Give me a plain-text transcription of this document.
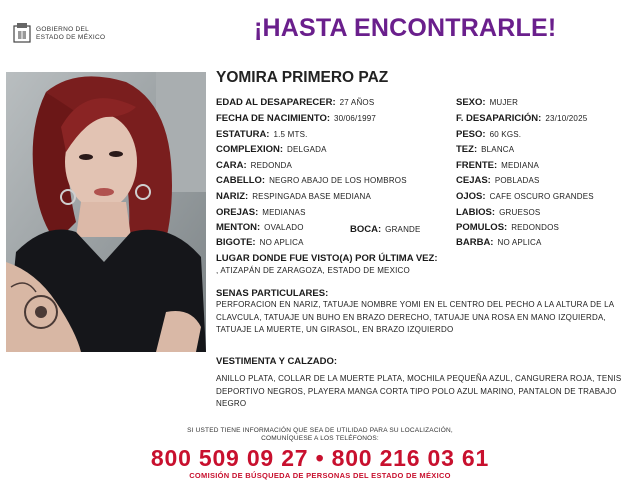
GOBIERNO DEL
ESTADO DE MÉXICO	¡HASTA ENCONTRARLE!
YOMIRA PRIMERO PAZ
EDAD AL DESAPARECER: 27 AÑOS
FECHA DE NACIMIENTO: 30/06/1997
ESTATURA: 1.5 MTS.
COMPLEXION: DELGADA
CARA: REDONDA
CABELLO: NEGRO ABAJO DE LOS HOMBROS
NARIZ: RESPINGADA BASE MEDIANA
OREJAS: MEDIANAS
MENTON: OVALADO	BOCA: GRANDE
BIGOTE: NO APLICA
SEXO: MUJER
F. DESAPARICIÓN: 23/10/2025
PESO: 60 KGS.
TEZ: BLANCA
FRENTE: MEDIANA
CEJAS: POBLADAS
OJOS: CAFE OSCURO GRANDES
LABIOS: GRUESOS
POMULOS: REDONDOS
BARBA: NO APLICA
LUGAR DONDE FUE VISTO(A) POR ÚLTIMA VEZ:
, ATIZAPÁN DE ZARAGOZA, ESTADO DE MEXICO
SENAS PARTICULARES:
PERFORACION EN NARIZ, TATUAJE NOMBRE YOMI EN EL CENTRO DEL PECHO A LA ALTURA DE LA CLAVCULA, TATUAJE UN BUHO EN BRAZO DERECHO, TATUAJE UNA ROSA EN MANO IZQUIERDA, TATUAJE LA MUERTE, UN GIRASOL, EN BRAZO IZQUIERDO
VESTIMENTA Y CALZADO:
ANILLO PLATA, COLLAR DE LA MUERTE PLATA, MOCHILA PEQUEÑA AZUL, CANGURERA ROJA, TENIS DEPORTIVO NEGROS, PLAYERA MANGA CORTA TIPO POLO AZUL MARINO, PANTALON DE TRABAJO NEGRO
SI USTED TIENE INFORMACIÓN QUE SEA DE UTILIDAD PARA SU LOCALIZACIÓN,
COMUNÍQUESE A LOS TELÉFONOS:
800 509 09 27 • 800 216 03 61
COMISIÓN DE BÚSQUEDA DE PERSONAS DEL ESTADO DE MÉXICO
